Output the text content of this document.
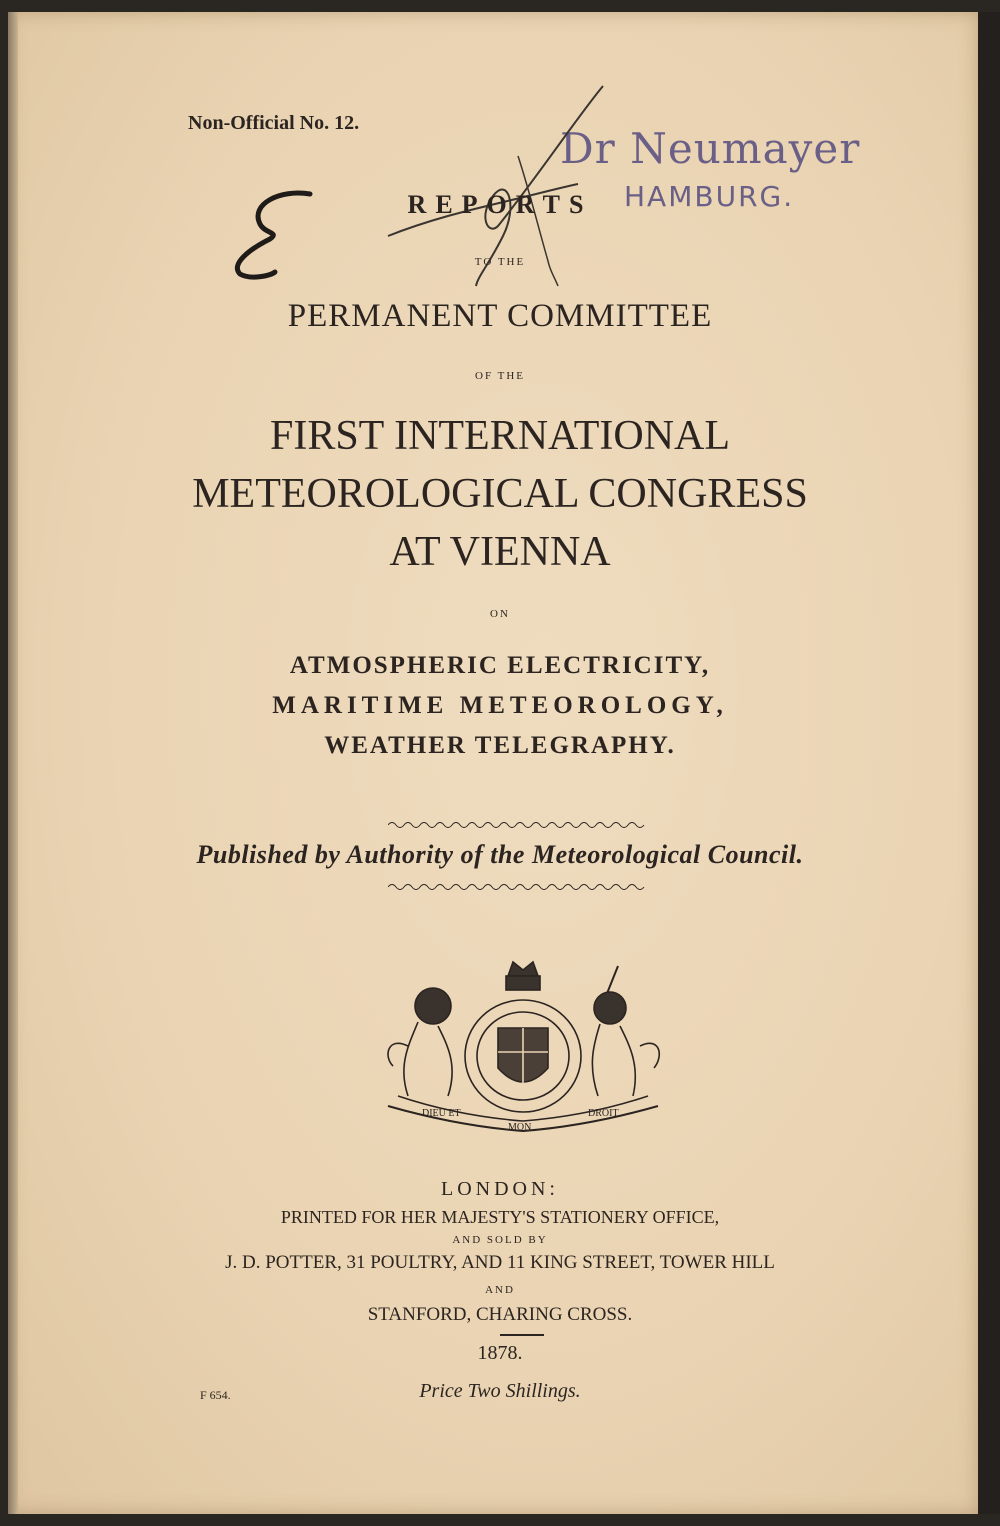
Non-Official No. 12.
Dr Neumayer
HAMBURG.
REPORTS
TO THE
PERMANENT COMMITTEE
OF THE
FIRST INTERNATIONAL
METEOROLOGICAL CONGRESS
AT VIENNA
ON
ATMOSPHERIC ELECTRICITY,
MARITIME METEOROLOGY,
WEATHER TELEGRAPHY.
Published by Authority of the Meteorological Council.
DIEU ET
MON
DROIT
LONDON:
PRINTED FOR HER MAJESTY'S STATIONERY OFFICE,
AND SOLD BY
J. D. POTTER, 31 POULTRY, AND 11 KING STREET, TOWER HILL
AND
STANFORD, CHARING CROSS.
1878.
F 654.	Price Two Shillings.
